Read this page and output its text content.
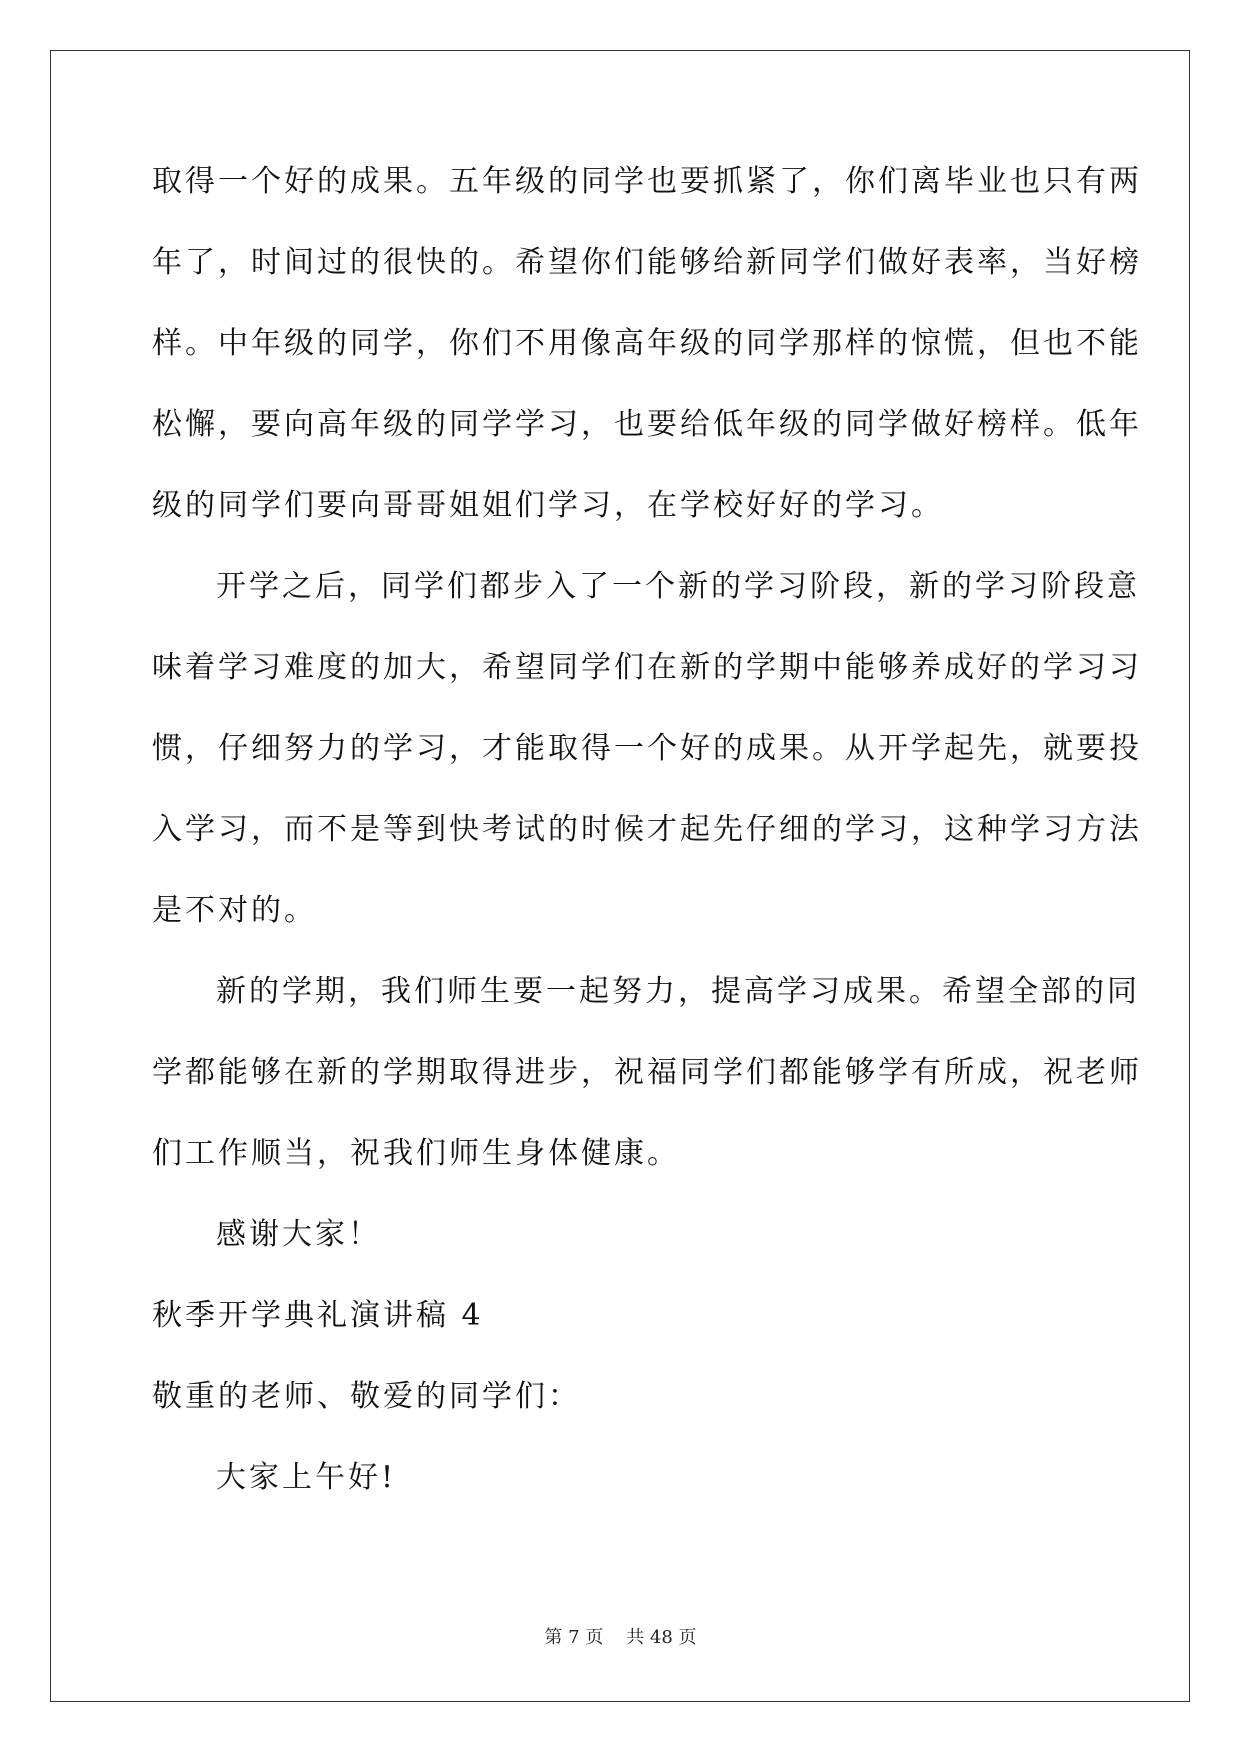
取得一个好的成果。五年级的同学也要抓紧了，你们离毕业也只有两
年了，时间过的很快的。希望你们能够给新同学们做好表率，当好榜
样。中年级的同学，你们不用像高年级的同学那样的惊慌，但也不能
松懈，要向高年级的同学学习，也要给低年级的同学做好榜样。低年
级的同学们要向哥哥姐姐们学习，在学校好好的学习。
开学之后，同学们都步入了一个新的学习阶段，新的学习阶段意
味着学习难度的加大，希望同学们在新的学期中能够养成好的学习习
惯，仔细努力的学习，才能取得一个好的成果。从开学起先，就要投
入学习，而不是等到快考试的时候才起先仔细的学习，这种学习方法
是不对的。
新的学期，我们师生要一起努力，提高学习成果。希望全部的同
学都能够在新的学期取得进步，祝福同学们都能够学有所成，祝老师
们工作顺当，祝我们师生身体健康。
感谢大家！
秋季开学典礼演讲稿 4
敬重的老师、敬爱的同学们：
大家上午好!
第 7 页    共 48 页
